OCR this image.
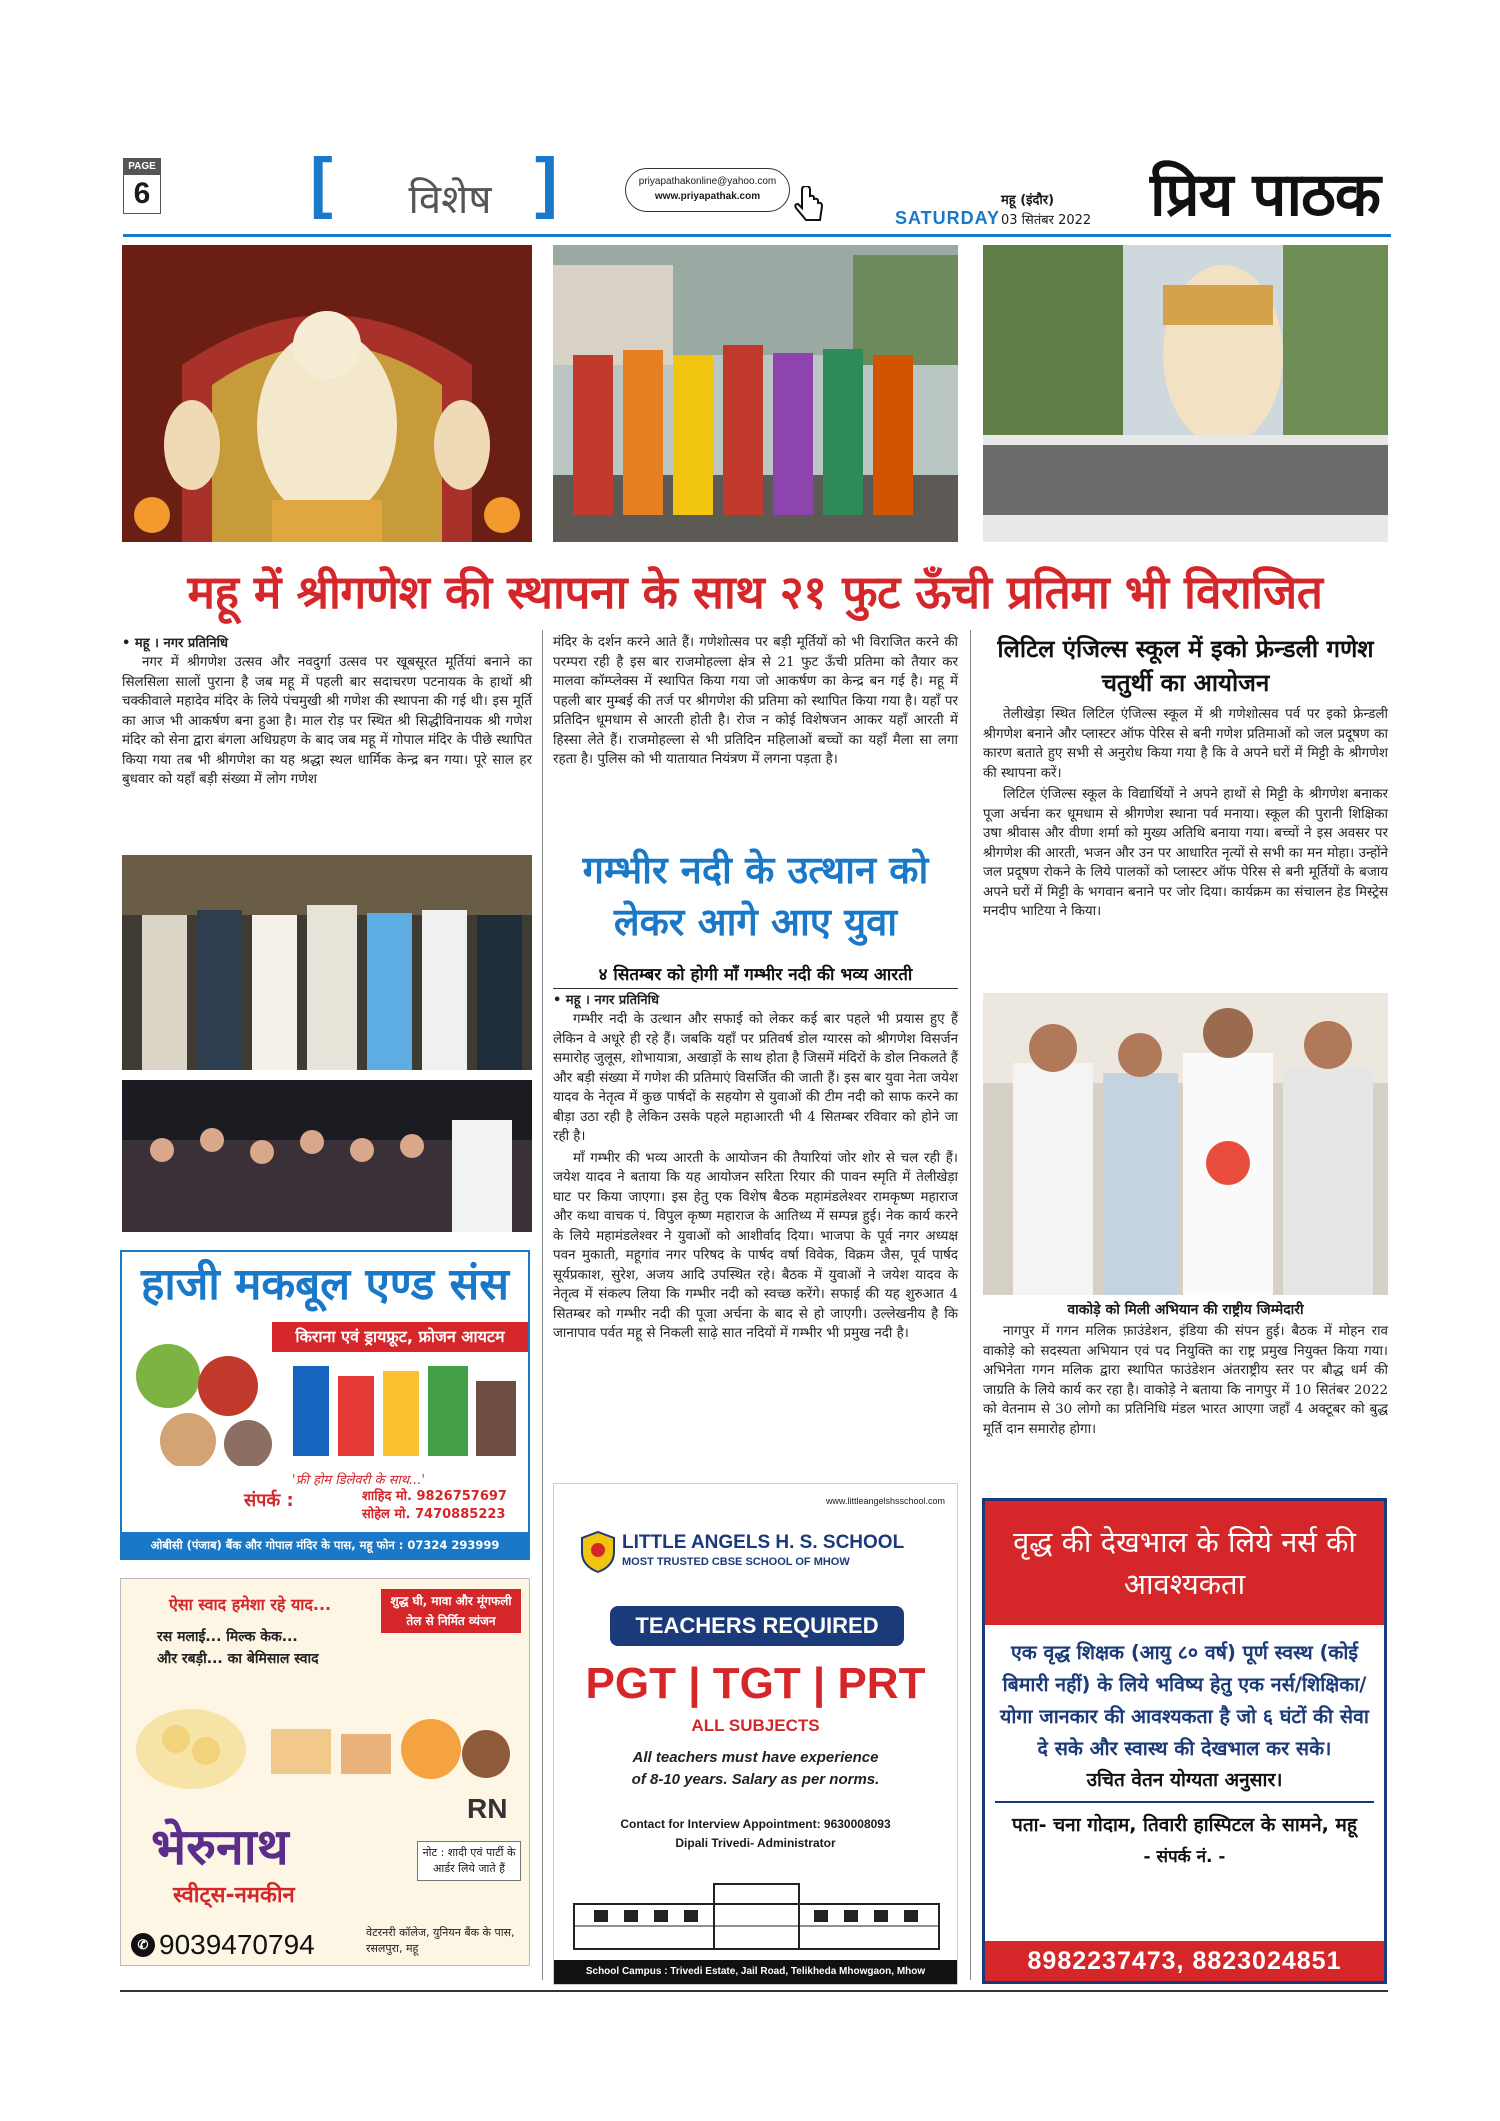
PAGE
6 [	विशेष ]	priyapathakonline@yahoo.com
www.priyapathak.com
SATURDAY
महू (इंदौर)
03 सितंबर 2022 प्रिय पाठक
महू में श्रीगणेश की स्थापना के साथ २१ फुट ऊँची प्रतिमा भी विराजित
• महू । नगर प्रतिनिधि

नगर में श्रीगणेश उत्सव और नवदुर्गा उत्सव पर खूबसूरत मूर्तियां बनाने का सिलसिला सालों पुराना है जब महू में पहली बार सदाचरण पटनायक के हाथों श्री चक्कीवाले महादेव मंदिर के लिये पंचमुखी श्री गणेश की स्थापना की गई थी। इस मूर्ति का आज भी आकर्षण बना हुआ है। माल रोड़ पर स्थित श्री सिद्धीविनायक श्री गणेश मंदिर को सेना द्वारा बंगला अधिग्रहण के बाद जब महू में गोपाल मंदिर के पीछे स्थापित किया गया तब भी श्रीगणेश का यह श्रद्धा स्थल धार्मिक केन्द्र बन गया। पूरे साल हर बुधवार को यहाँ बड़ी संख्या में लोग गणेश

मंदिर के दर्शन करने आते हैं। गणेशोत्सव पर बड़ी मूर्तियों को भी विराजित करने की परम्परा रही है इस बार राजमोहल्ला क्षेत्र से 21 फुट ऊँची प्रतिमा को तैयार कर मालवा कॉम्प्लेक्स में स्थापित किया गया जो आकर्षण का केन्द्र बन गई है। महू में पहली बार मुम्बई की तर्ज पर श्रीगणेश की प्रतिमा को स्थापित किया गया है। यहाँ पर प्रतिदिन धूमधाम से आरती होती है। रोज न कोई विशेषजन आकर यहाँ आरती में हिस्सा लेते हैं। राजमोहल्ला से भी प्रतिदिन महिलाओं बच्चों का यहाँ मैला सा लगा रहता है। पुलिस को भी यातायात नियंत्रण में लगना पड़ता है।

गम्भीर नदी के उत्थान को लेकर आगे आए युवा
४ सितम्बर को होगी माँ गम्भीर नदी की भव्य आरती
• महू । नगर प्रतिनिधि

गम्भीर नदी के उत्थान और सफाई को लेकर कई बार पहले भी प्रयास हुए हैं लेकिन वे अधूरे ही रहे हैं। जबकि यहाँ पर प्रतिवर्ष डोल ग्यारस को श्रीगणेश विसर्जन समारोह जुलूस, शोभायात्रा, अखाड़ों के साथ होता है जिसमें मंदिरों के डोल निकलते हैं और बड़ी संख्या में गणेश की प्रतिमाएं विसर्जित की जाती हैं। इस बार युवा नेता जयेश यादव के नेतृत्व में कुछ पार्षदों के सहयोग से युवाओं की टीम नदी को साफ करने का बीड़ा उठा रही है लेकिन उसके पहले महाआरती भी 4 सितम्बर रविवार को होने जा रही है।

माँ गम्भीर की भव्य आरती के आयोजन की तैयारियां जोर शोर से चल रही हैं। जयेश यादव ने बताया कि यह आयोजन सरिता रियार की पावन स्मृति में तेलीखेड़ा घाट पर किया जाएगा। इस हेतु एक विशेष बैठक महामंडलेश्वर रामकृष्ण महाराज और कथा वाचक पं. विपुल कृष्ण महाराज के आतिथ्य में सम्पन्न हुई। नेक कार्य करने के लिये महामंडलेश्वर ने युवाओं को आशीर्वाद दिया। भाजपा के पूर्व नगर अध्यक्ष पवन मुकाती, महूगांव नगर परिषद के पार्षद वर्षा विवेक, विक्रम जैस, पूर्व पार्षद सूर्यप्रकाश, सुरेश, अजय आदि उपस्थित रहे। बैठक में युवाओं ने जयेश यादव के नेतृत्व में संकल्प लिया कि गम्भीर नदी को स्वच्छ करेंगे। सफाई की यह शुरुआत 4 सितम्बर को गम्भीर नदी की पूजा अर्चना के बाद से हो जाएगी। उल्लेखनीय है कि जानापाव पर्वत महू से निकली साढ़े सात नदियों में गम्भीर भी प्रमुख नदी है।

लिटिल एंजिल्स स्कूल में इको फ्रेन्डली गणेश चतुर्थी का आयोजन

तेलीखेड़ा स्थित लिटिल एंजिल्स स्कूल में श्री गणेशोत्सव पर्व पर इको फ्रेन्डली श्रीगणेश बनाने और प्लास्टर ऑफ पेरिस से बनी गणेश प्रतिमाओं को जल प्रदूषण का कारण बताते हुए सभी से अनुरोध किया गया है कि वे अपने घरों में मिट्टी के श्रीगणेश की स्थापना करें।

लिटिल एंजिल्स स्कूल के विद्यार्थियों ने अपने हाथों से मिट्टी के श्रीगणेश बनाकर पूजा अर्चना कर धूमधाम से श्रीगणेश स्थाना पर्व मनाया। स्कूल की पुरानी शिक्षिका उषा श्रीवास और वीणा शर्मा को मुख्य अतिथि बनाया गया। बच्चों ने इस अवसर पर श्रीगणेश की आरती, भजन और उन पर आधारित नृत्यों से सभी का मन मोहा। उन्होंने जल प्रदूषण रोकने के लिये पालकों को प्लास्टर ऑफ पेरिस से बनी मूर्तियों के बजाय अपने घरों में मिट्टी के भगवान बनाने पर जोर दिया। कार्यक्रम का संचालन हेड मिस्ट्रेस मनदीप भाटिया ने किया।

वाकोड़े को मिली अभियान की राष्ट्रीय जिम्मेदारी

नागपुर में गगन मलिक फ़ाउंडेशन, इंडिया की संपन हुई। बैठक में मोहन राव वाकोड़े को सदस्यता अभियान एवं पद नियुक्ति का राष्ट्र प्रमुख नियुक्त किया गया। अभिनेता गगन मलिक द्वारा स्थापित फाउंडेशन अंतराष्ट्रीय स्तर पर बौद्ध धर्म की जाग्रति के लिये कार्य कर रहा है। वाकोड़े ने बताया कि नागपुर में 10 सितंबर 2022 को वेतनाम से 30 लोगो का प्रतिनिधि मंडल भारत आएगा जहाँ 4 अक्टूबर को बुद्ध मूर्ति दान समारोह होगा।

हाजी मकबूल एण्ड संस
किराना एवं ड्रायफ्रूट, फ्रोजन आयटम
'फ्री होम डिलेवरी के साथ...'
संपर्क :	शाहिद मो. 9826757697
सोहेल मो. 7470885223
ओबीसी (पंजाब) बैंक और गोपाल मंदिर के पास, महू फोन : 07324 293999
ऐसा स्वाद हमेशा रहे याद...
रस मलाई... मिल्क केक...
और रबड़ी... का बेमिसाल स्वाद
शुद्ध घी, मावा और मूंगफली
तेल से निर्मित व्यंजन
RN
भेरुनाथ
स्वीट्स-नमकीन
नोट : शादी एवं पार्टी के आर्डर लिये जाते हैं
✆ 9039470794	वेटरनरी कॉलेज, युनियन बैंक के पास, रसलपुरा, महू
www.littleangelshsschool.com
LITTLE ANGELS H. S. SCHOOL
MOST TRUSTED CBSE SCHOOL OF MHOW
TEACHERS REQUIRED
PGT | TGT | PRT
ALL SUBJECTS
All teachers must have experience
of 8-10 years. Salary as per norms.
Contact for Interview Appointment: 9630008093
Dipali Trivedi- Administrator
School Campus : Trivedi Estate, Jail Road, Telikheda Mhowgaon, Mhow
वृद्ध की देखभाल के लिये नर्स की आवश्यकता
एक वृद्ध शिक्षक (आयु ८० वर्ष) पूर्ण स्वस्थ (कोई बिमारी नहीं) के लिये भविष्य हेतु एक नर्स/शिक्षिका/योगा जानकार की आवश्यकता है जो ६ घंटों की सेवा दे सके और स्वास्थ की देखभाल कर सके।
उचित वेतन योग्यता अनुसार।
पता- चना गोदाम, तिवारी हास्पिटल के सामने, महू
- संपर्क नं. -
8982237473, 8823024851
